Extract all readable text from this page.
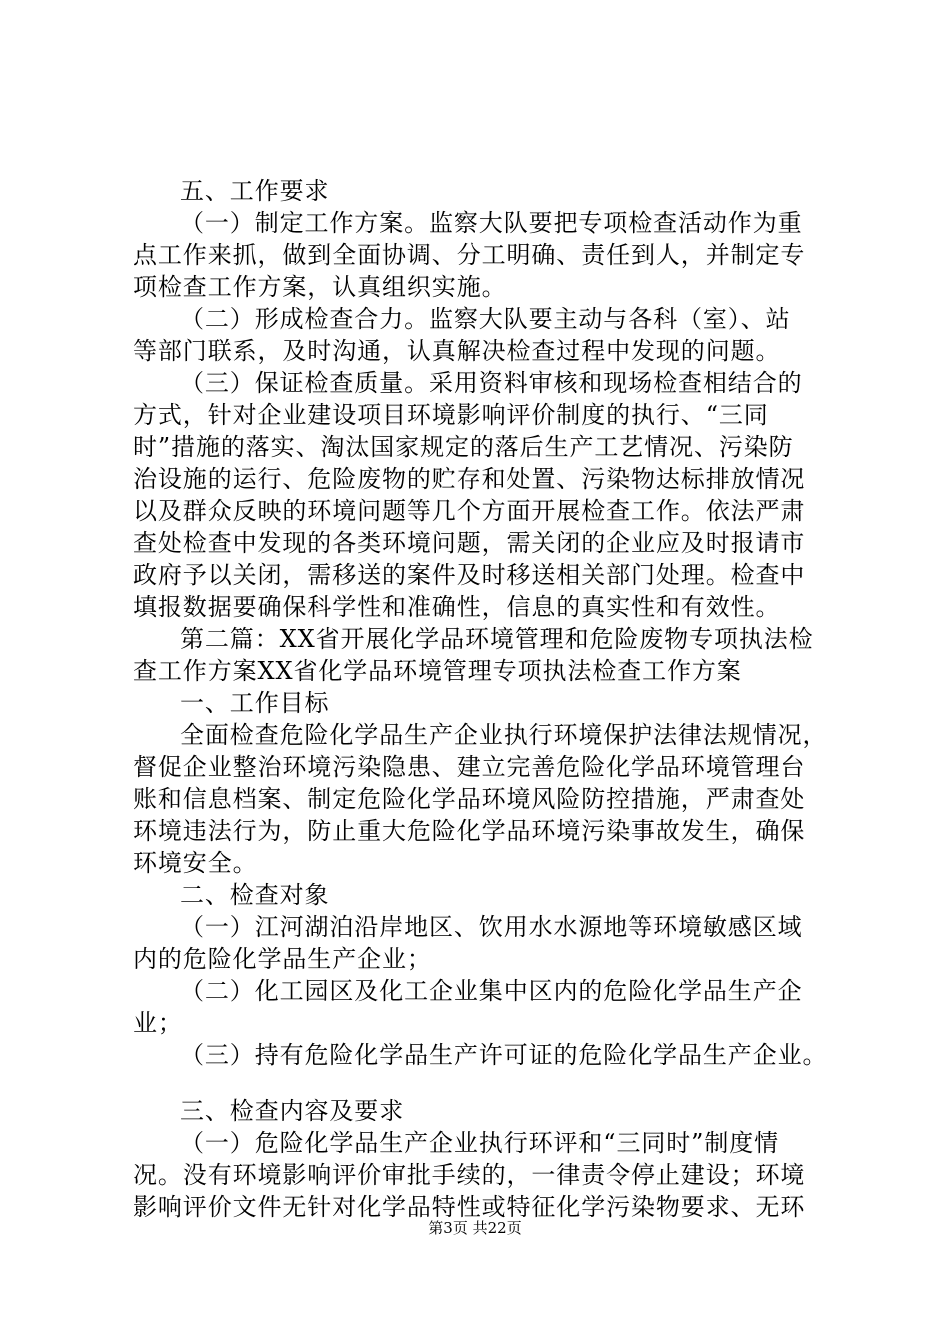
五、工作要求
（一）制定工作方案。监察大队要把专项检查活动作为重
点工作来抓，做到全面协调、分工明确、责任到人，并制定专
项检查工作方案，认真组织实施。
（二）形成检查合力。监察大队要主动与各科（室）、站
等部门联系，及时沟通，认真解决检查过程中发现的问题。
（三）保证检查质量。采用资料审核和现场检查相结合的
方式，针对企业建设项目环境影响评价制度的执行、“三同
时”措施的落实、淘汰国家规定的落后生产工艺情况、污染防
治设施的运行、危险废物的贮存和处置、污染物达标排放情况
以及群众反映的环境问题等几个方面开展检查工作。依法严肃
查处检查中发现的各类环境问题，需关闭的企业应及时报请市
政府予以关闭，需移送的案件及时移送相关部门处理。检查中
填报数据要确保科学性和准确性，信息的真实性和有效性。
第二篇：XX省开展化学品环境管理和危险废物专项执法检
查工作方案XX省化学品环境管理专项执法检查工作方案
一、工作目标
全面检查危险化学品生产企业执行环境保护法律法规情况，
督促企业整治环境污染隐患、建立完善危险化学品环境管理台
账和信息档案、制定危险化学品环境风险防控措施，严肃查处
环境违法行为，防止重大危险化学品环境污染事故发生，确保
环境安全。
二、检查对象
（一）江河湖泊沿岸地区、饮用水水源地等环境敏感区域
内的危险化学品生产企业；
（二）化工园区及化工企业集中区内的危险化学品生产企
业；
（三）持有危险化学品生产许可证的危险化学品生产企业。
三、检查内容及要求
（一）危险化学品生产企业执行环评和“三同时”制度情
况。没有环境影响评价审批手续的，一律责令停止建设；环境
影响评价文件无针对化学品特性或特征化学污染物要求、无环
第3页 共22页
